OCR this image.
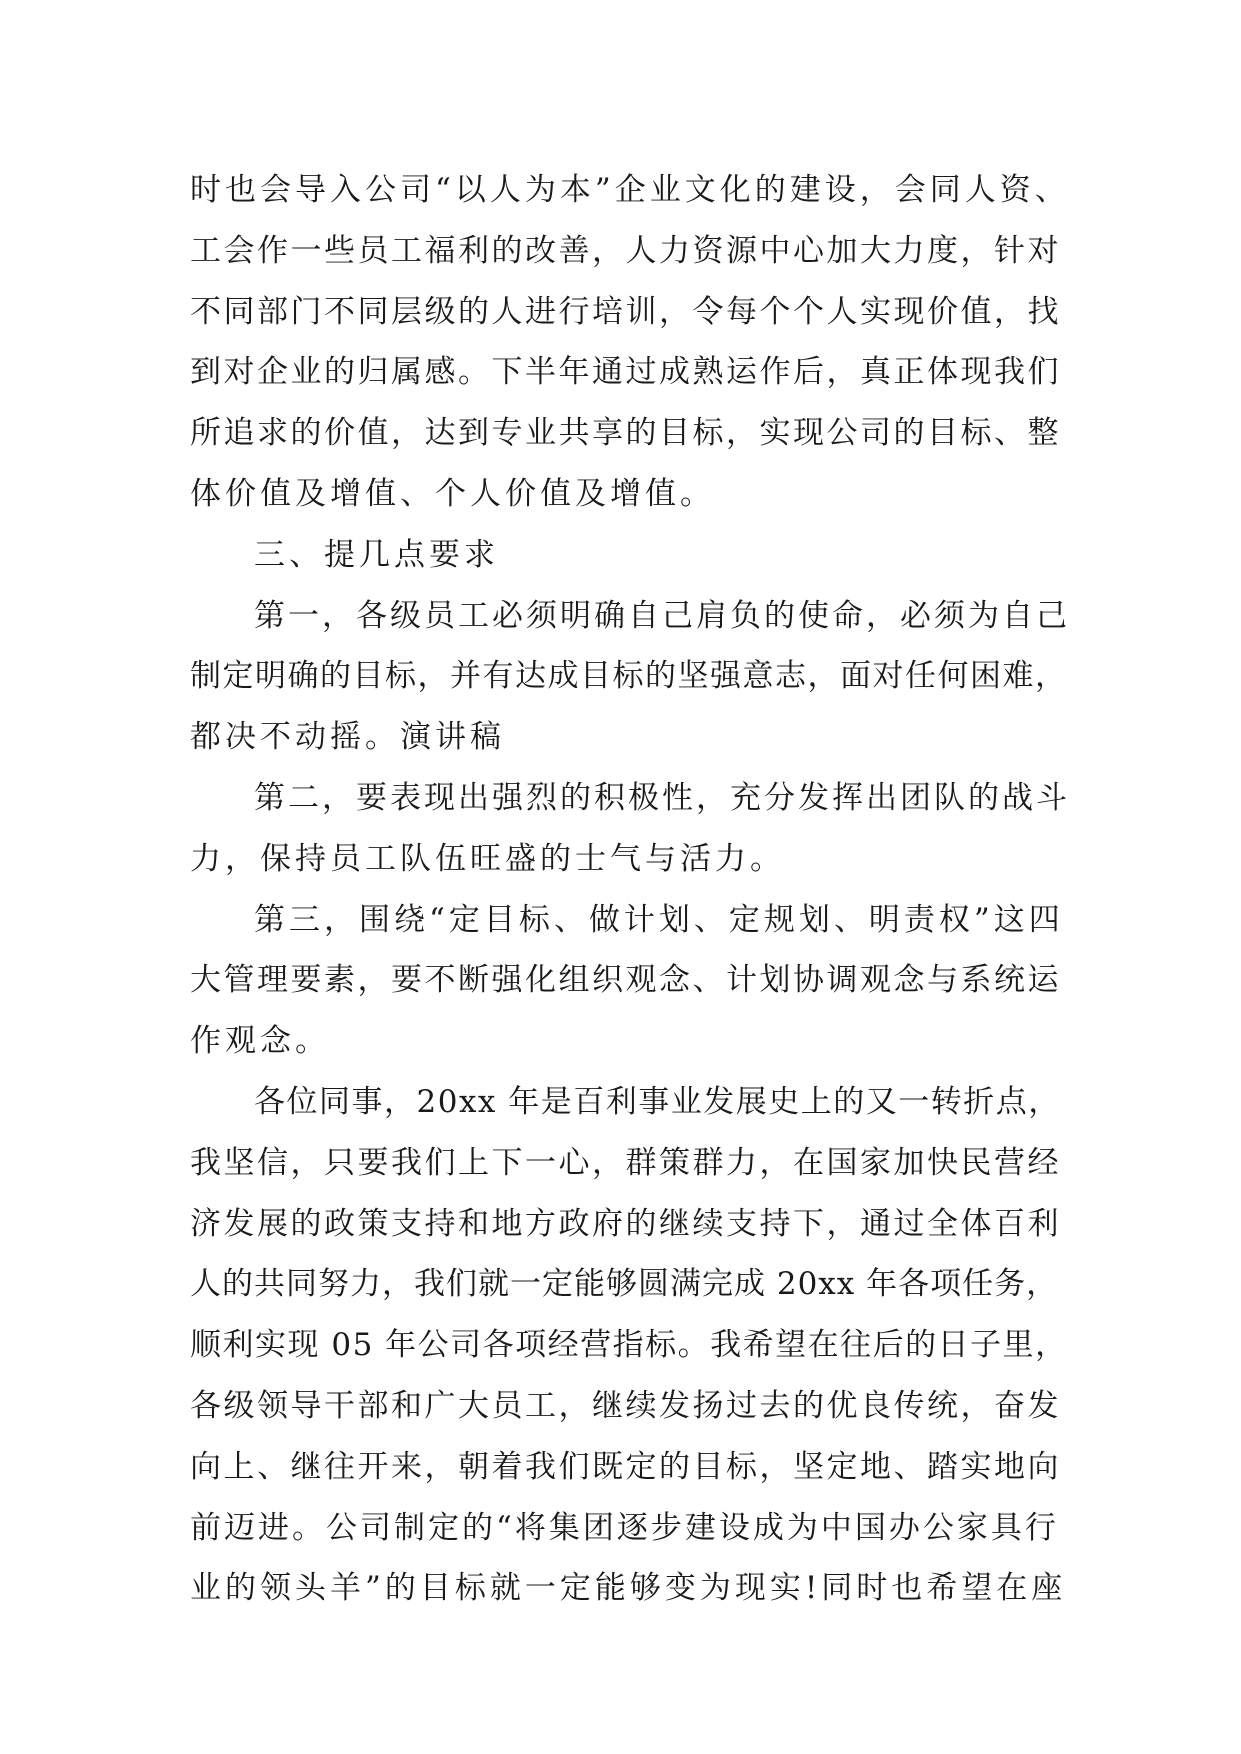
时也会导入公司“以人为本”企业文化的建设，会同人资、
工会作一些员工福利的改善，人力资源中心加大力度，针对
不同部门不同层级的人进行培训，令每个个人实现价值，找
到对企业的归属感。下半年通过成熟运作后，真正体现我们
所追求的价值，达到专业共享的目标，实现公司的目标、整
体价值及增值、个人价值及增值。
三、提几点要求
第一，各级员工必须明确自己肩负的使命，必须为自己
制定明确的目标，并有达成目标的坚强意志，面对任何困难，
都决不动摇。演讲稿
第二，要表现出强烈的积极性，充分发挥出团队的战斗
力，保持员工队伍旺盛的士气与活力。
第三，围绕“定目标、做计划、定规划、明责权”这四
大管理要素，要不断强化组织观念、计划协调观念与系统运
作观念。
各位同事，20xx 年是百利事业发展史上的又一转折点，
我坚信，只要我们上下一心，群策群力，在国家加快民营经
济发展的政策支持和地方政府的继续支持下，通过全体百利
人的共同努力，我们就一定能够圆满完成 20xx 年各项任务，
顺利实现 05 年公司各项经营指标。我希望在往后的日子里，
各级领导干部和广大员工，继续发扬过去的优良传统，奋发
向上、继往开来，朝着我们既定的目标，坚定地、踏实地向
前迈进。公司制定的“将集团逐步建设成为中国办公家具行
业的领头羊”的目标就一定能够变为现实!同时也希望在座
